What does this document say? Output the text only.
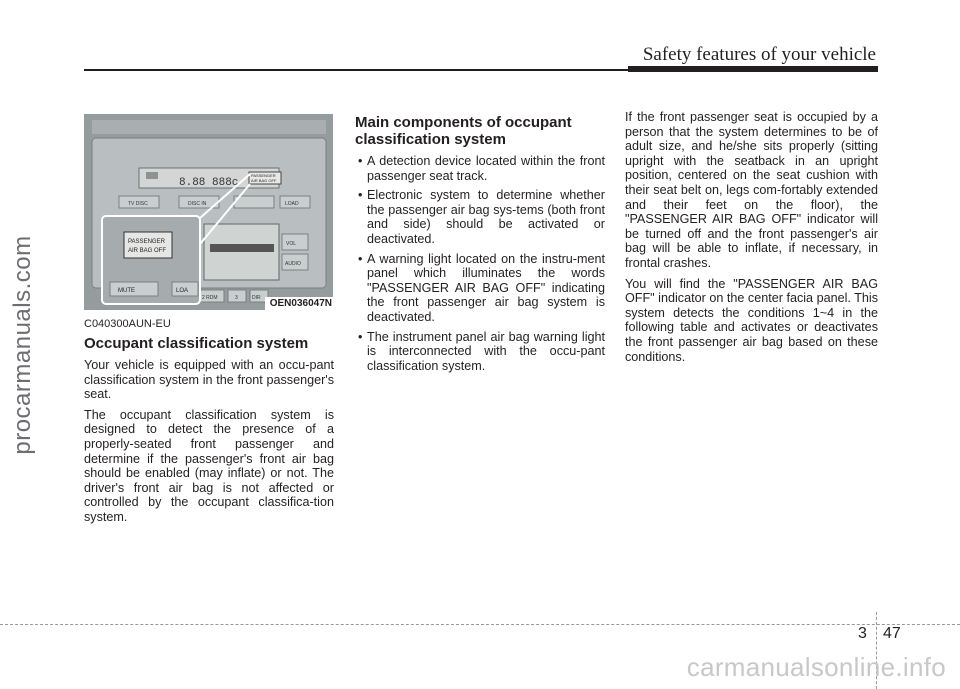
procarmanuals.com
Safety features of your vehicle
8.88 888c
PASSENGER
AIR BAG OFF
TV DISC	DISC IN	LOAD
VOL
AUDIO
2 RDM	3	DIR
PASSENGER
AIR BAG OFF
MUTE	LOA
OEN036047N
C040300AUN-EU
Occupant classification system

Your vehicle is equipped with an occu-pant classification system in the front passenger's seat.

The occupant classification system is designed to detect the presence of a properly-seated front passenger and determine if the passenger's front air bag should be enabled (may inflate) or not. The driver's front air bag is not affected or controlled by the occupant classifica-tion system.

Main components of occupant classification system
• A detection device located within the front passenger seat track.
• Electronic system to determine whether the passenger air bag sys-tems (both front and side) should be activated or deactivated.
• A warning light located on the instru-ment panel which illuminates the words "PASSENGER AIR BAG OFF" indicating the front passenger air bag system is deactivated.
• The instrument panel air bag warning light is interconnected with the occu-pant classification system.

If the front passenger seat is occupied by a person that the system determines to be of adult size, and he/she sits properly (sitting upright with the seatback in an upright position, centered on the seat cushion with their seat belt on, legs com-fortably extended and their feet on the floor), the "PASSENGER AIR BAG OFF" indicator will be turned off and the front passenger's air bag will be able to inflate, if necessary, in frontal crashes.

You will find the "PASSENGER AIR BAG OFF" indicator on the center facia panel. This system detects the conditions 1~4 in the following table and activates or deactivates the front passenger air bag based on these conditions.

3 47
carmanualsonline.info
